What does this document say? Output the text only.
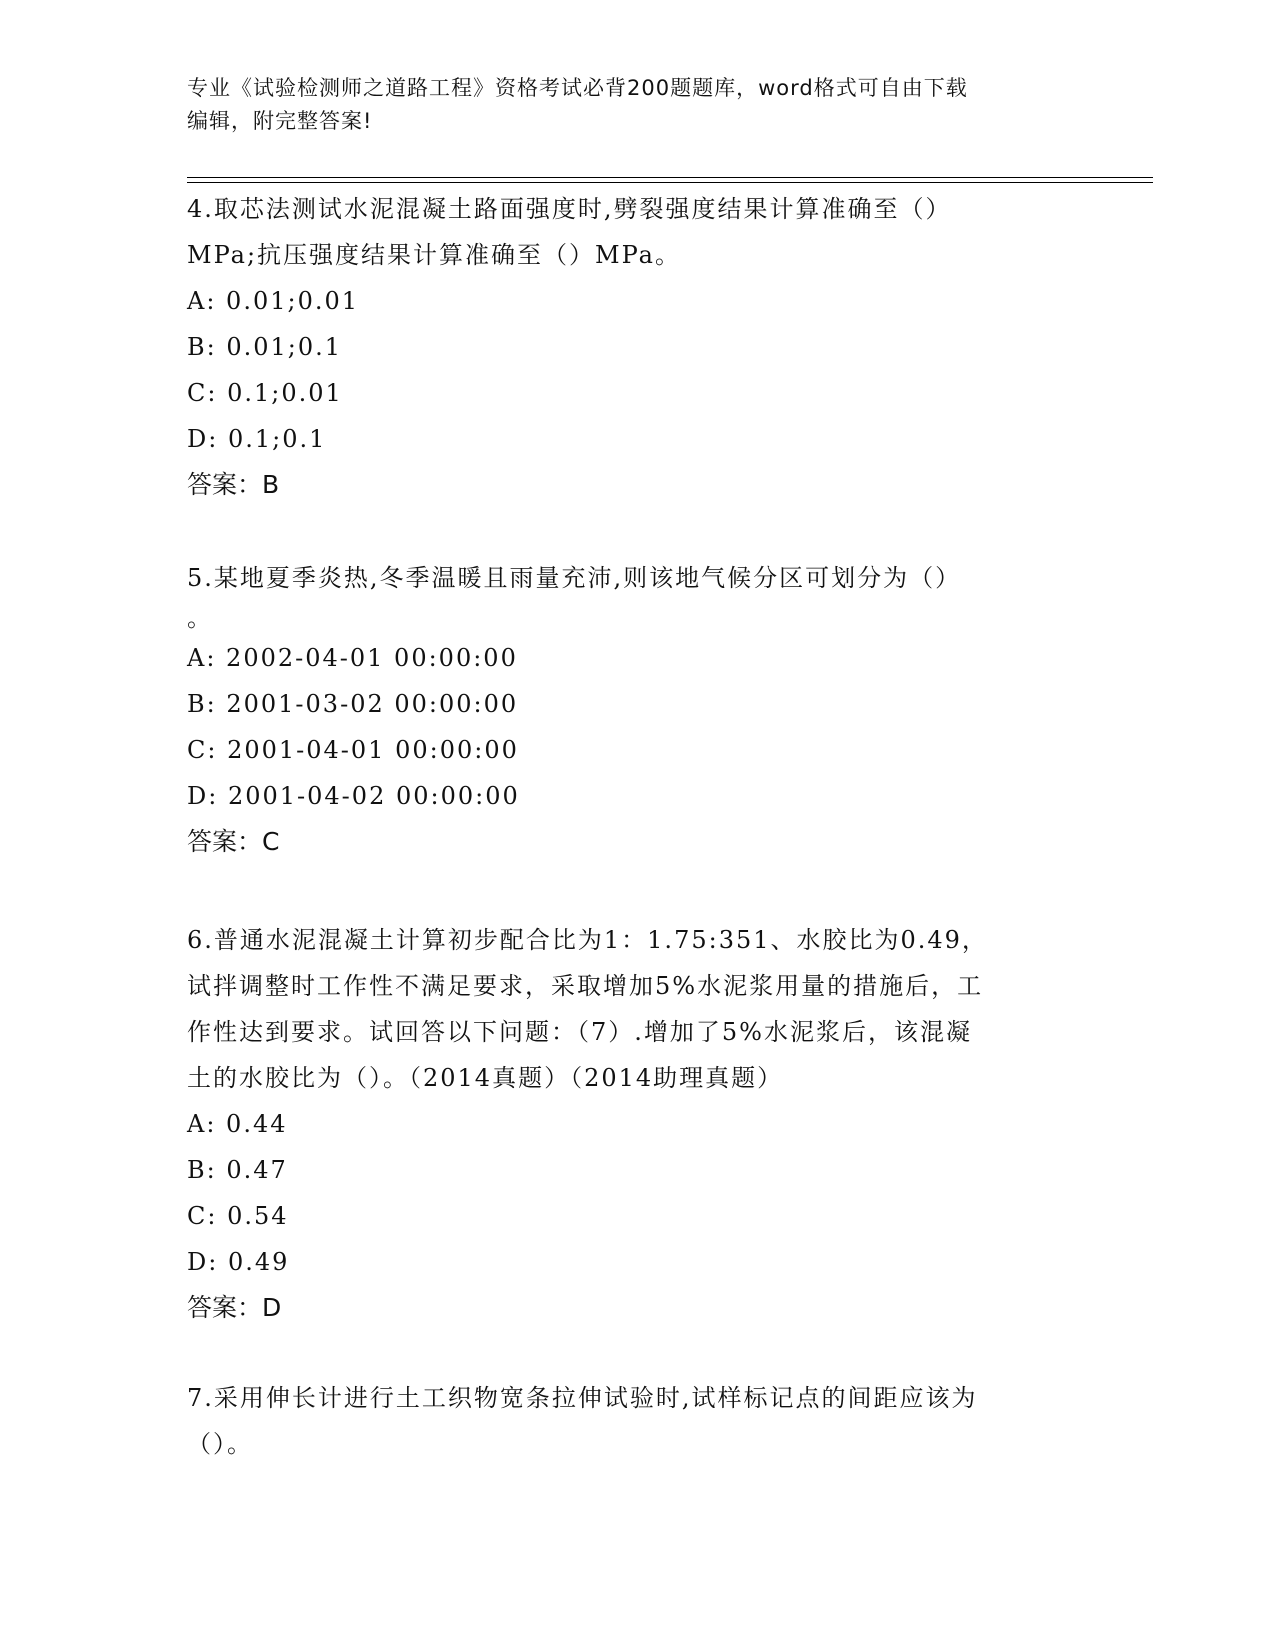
专业《试验检测师之道路工程》资格考试必背200题题库，word格式可自由下载
编辑，附完整答案!
4.取芯法测试水泥混凝土路面强度时,劈裂强度结果计算准确至（）
MPa;抗压强度结果计算准确至（）MPa。
A: 0.01;0.01
B: 0.01;0.1
C: 0.1;0.01
D: 0.1;0.1
答案：B
5.某地夏季炎热,冬季温暖且雨量充沛,则该地气候分区可划分为（）
。
A: 2002-04-01 00:00:00
B: 2001-03-02 00:00:00
C: 2001-04-01 00:00:00
D: 2001-04-02 00:00:00
答案：C
6.普通水泥混凝土计算初步配合比为1：1.75:351、水胶比为0.49，
试拌调整时工作性不满足要求，采取增加5%水泥浆用量的措施后，工
作性达到要求。试回答以下问题：（7）.增加了5%水泥浆后，该混凝
土的水胶比为（）。（2014真题）（2014助理真题）
A: 0.44
B: 0.47
C: 0.54
D: 0.49
答案：D
7.采用伸长计进行土工织物宽条拉伸试验时,试样标记点的间距应该为
（）。
